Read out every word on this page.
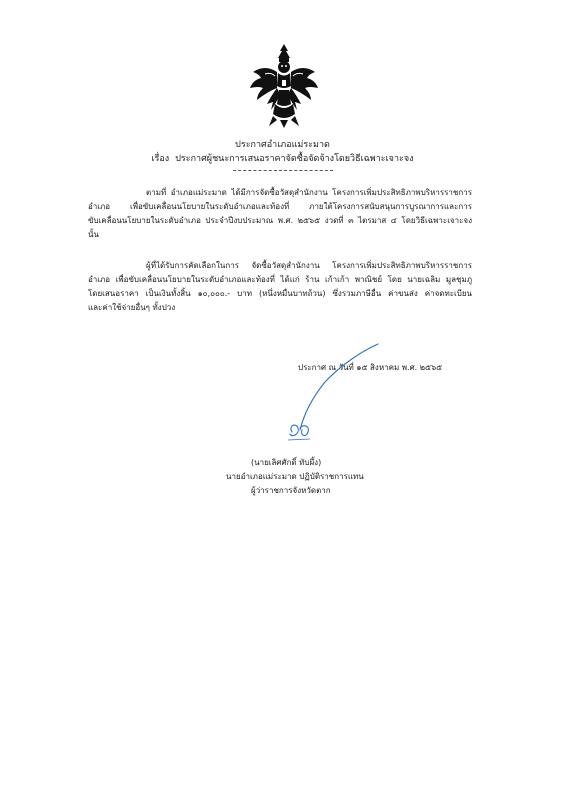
ประกาศอำเภอแม่ระมาด
เรื่อง ประกาศผู้ชนะการเสนอราคาจัดซื้อจัดจ้างโดยวิธีเฉพาะเจาะจง
ตามที่ อำเภอแม่ระมาด ได้มีการจัดซื้อวัสดุสำนักงาน โครงการเพิ่มประสิทธิภาพบริหารราชการ
อำเภอ เพื่อขับเคลื่อนนโยบายในระดับอำเภอและท้องที่ ภายใต้โครงการสนับสนุนการบูรณาการและการ
ขับเคลื่อนนโยบายในระดับอำเภอ ประจำปีงบประมาณ พ.ศ. ๒๕๖๕ งวดที่ ๓ ไตรมาส ๔ โดยวิธีเฉพาะเจาะจง
นั้น
ผู้ที่ได้รับการคัดเลือกในการ จัดซื้อวัสดุสำนักงาน โครงการเพิ่มประสิทธิภาพบริหารราชการ
อำเภอ เพื่อขับเคลื่อนนโยบายในระดับอำเภอและท้องที่ ได้แก่ ร้าน เก้าเก้า พาณิชย์ โดย นายเฉลิม มูลชุมภู
โดยเสนอราคา เป็นเงินทั้งสิ้น ๑๐,๐๐๐.- บาท (หนึ่งหมื่นบาทถ้วน) ซึ่งรวมภาษีอื่น ค่าขนส่ง ค่าจดทะเบียน
และค่าใช้จ่ายอื่นๆ ทั้งปวง
ประกาศ ณ วันที่ ๑๕ สิงหาคม พ.ศ. ๒๕๖๕
(นายเลิศศักดิ์ ทับผึ้ง)
นายอำเภอแม่ระมาด ปฏิบัติราชการแทน
ผู้ว่าราชการจังหวัดตาก
